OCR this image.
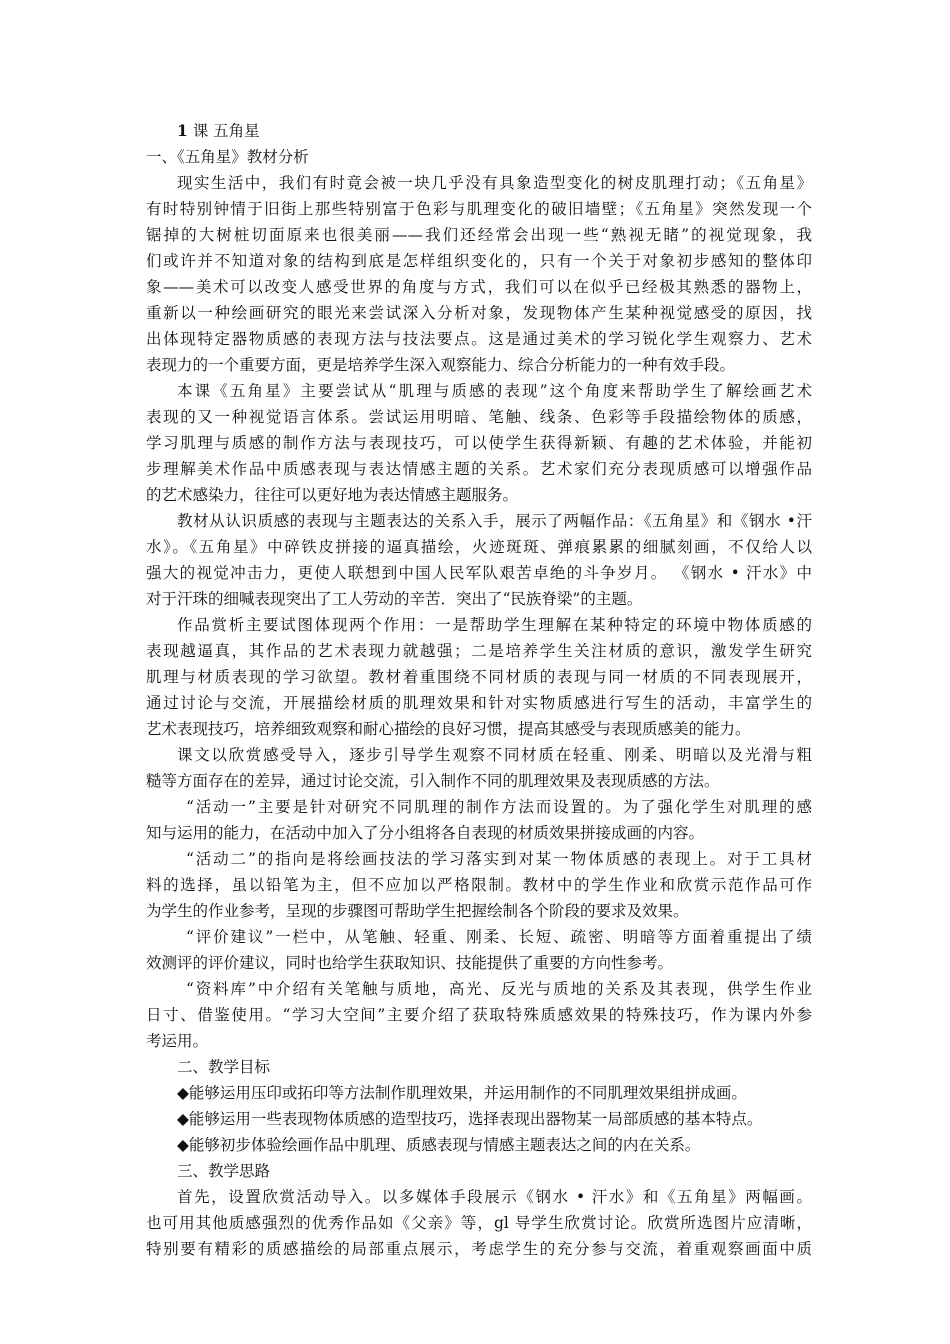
1 课 五角星
一、《五角星》教材分析
现实生活中，我们有时竟会被一块几乎没有具象造型变化的树皮肌理打动；《五角星》
有时特别钟情于旧街上那些特别富于色彩与肌理变化的破旧墙壁；《五角星》突然发现一个
锯掉的大树桩切面原来也很美丽——我们还经常会出现一些“熟视无睹”的视觉现象，我
们或许并不知道对象的结构到底是怎样组织变化的，只有一个关于对象初步感知的整体印
象——美术可以改变人感受世界的角度与方式，我们可以在似乎已经极其熟悉的器物上，
重新以一种绘画研究的眼光来尝试深入分析对象，发现物体产生某种视觉感受的原因，找
出体现特定器物质感的表现方法与技法要点。这是通过美术的学习锐化学生观察力、艺术
表现力的一个重要方面，更是培养学生深入观察能力、综合分析能力的一种有效手段。
本课《五角星》主要尝试从“肌理与质感的表现”这个角度来帮助学生了解绘画艺术
表现的又一种视觉语言体系。尝试运用明暗、笔触、线条、色彩等手段描绘物体的质感，
学习肌理与质感的制作方法与表现技巧，可以使学生获得新颖、有趣的艺术体验，并能初
步理解美术作品中质感表现与表达情感主题的关系。艺术家们充分表现质感可以增强作品
的艺术感染力，往往可以更好地为表达情感主题服务。
教材从认识质感的表现与主题表达的关系入手，展示了两幅作品：《五角星》和《钢水 •汗
水》。《五角星》中碎铁皮拼接的逼真描绘，火迹斑斑、弹痕累累的细腻刻画，不仅给人以
强大的视觉冲击力，更使人联想到中国人民军队艰苦卓绝的斗争岁月。 《钢水 • 汗水》中
对于汗珠的细喊表现突出了工人劳动的辛苦．突出了“民族脊梁”的主题。
作品赏析主要试图体现两个作用：一是帮助学生理解在某种特定的环境中物体质感的
表现越逼真，其作品的艺术表现力就越强；二是培养学生关注材质的意识，激发学生研究
肌理与材质表现的学习欲望。教材着重围绕不同材质的表现与同一材质的不同表现展开，
通过讨论与交流，开展描绘材质的肌理效果和针对实物质感进行写生的活动，丰富学生的
艺术表现技巧，培养细致观察和耐心描绘的良好习惯，提高其感受与表现质感美的能力。
课文以欣赏感受导入，逐步引导学生观察不同材质在轻重、刚柔、明暗以及光滑与粗
糙等方面存在的差异，通过讨论交流，引入制作不同的肌理效果及表现质感的方法。
“活动一”主要是针对研究不同肌理的制作方法而设置的。为了强化学生对肌理的感
知与运用的能力，在活动中加入了分小组将各自表现的材质效果拼接成画的内容。
“活动二”的指向是将绘画技法的学习落实到对某一物体质感的表现上。对于工具材
料的选择，虽以铅笔为主，但不应加以严格限制。教材中的学生作业和欣赏示范作品可作
为学生的作业参考，呈现的步骤图可帮助学生把握绘制各个阶段的要求及效果。
“评价建议”一栏中，从笔触、轻重、刚柔、长短、疏密、明暗等方面着重提出了绩
效测评的评价建议，同时也给学生获取知识、技能提供了重要的方向性参考。
“资料库”中介绍有关笔触与质地，高光、反光与质地的关系及其表现，供学生作业
日寸、借鉴使用。“学习大空间”主要介绍了获取特殊质感效果的特殊技巧，作为课内外参
考运用。
二、教学目标
◆能够运用压印或拓印等方法制作肌理效果，并运用制作的不同肌理效果组拼成画。
◆能够运用一些表现物体质感的造型技巧，选择表现出器物某一局部质感的基本特点。
◆能够初步体验绘画作品中肌理、质感表现与情感主题表达之间的内在关系。
三、教学思路
首先，设置欣赏活动导入。以多媒体手段展示《钢水 • 汗水》和《五角星》两幅画。
也可用其他质感强烈的优秀作品如《父亲》等，gl 导学生欣赏讨论。欣赏所选图片应清晰，
特别要有精彩的质感描绘的局部重点展示，考虑学生的充分参与交流，着重观察画面中质
